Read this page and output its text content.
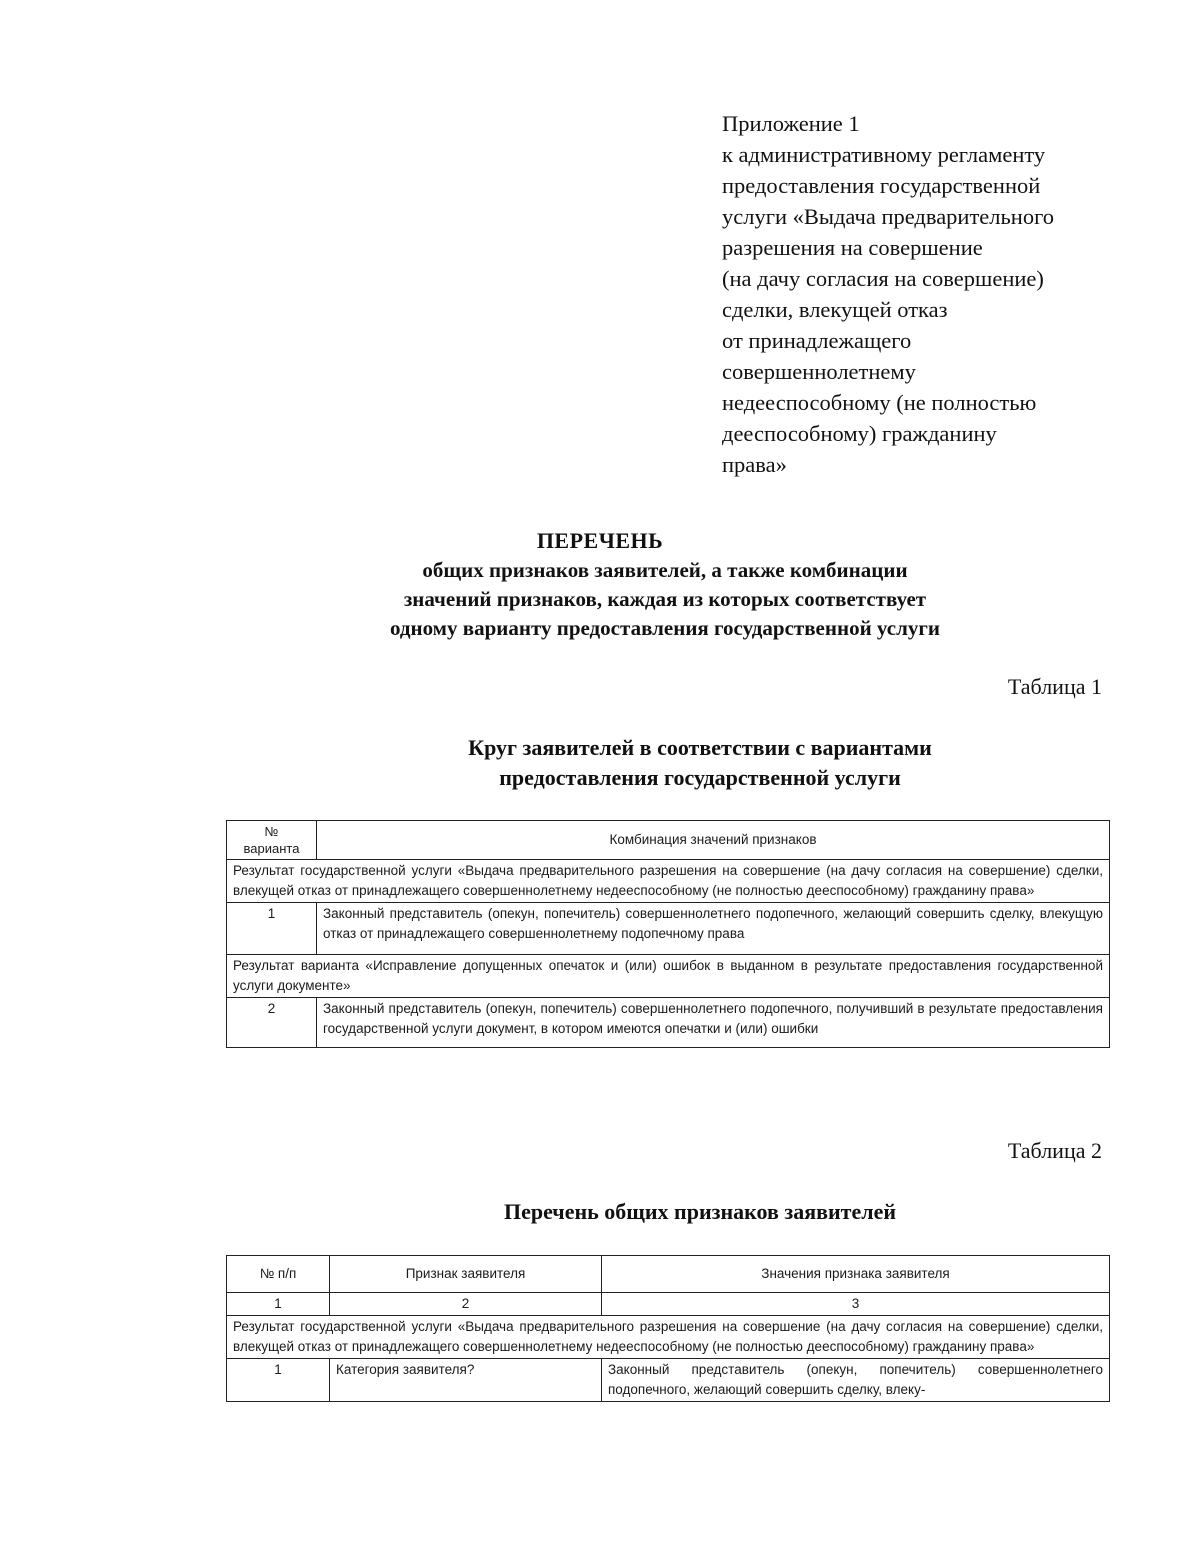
Приложение 1
к административному регламенту
предоставления государственной
услуги «Выдача предварительного
разрешения на совершение
(на дачу согласия на совершение)
сделки, влекущей отказ
от принадлежащего
совершеннолетнему
недееспособному (не полностью
дееспособному) гражданину
права»
ПЕРЕЧЕНЬ
общих признаков заявителей, а также комбинации
значений признаков, каждая из которых соответствует
одному варианту предоставления государственной услуги
Таблица 1
Круг заявителей в соответствии с вариантами
предоставления государственной услуги
№
варианта	Комбинация значений признаков
Результат государственной услуги «Выдача предварительного разрешения на совершение (на дачу согласия на совершение) сделки, влекущей отказ от принадлежащего совершеннолетнему недееспособному (не полностью дееспособному) гражданину права»	
1	Законный представитель (опекун, попечитель) совершеннолетнего подопечного, желающий совершить сделку, влекущую отказ от принадлежащего совершеннолетнему подопечному права
Результат варианта «Исправление допущенных опечаток и (или) ошибок в выданном в результате предоставления государственной услуги документе»	
2	Законный представитель (опекун, попечитель) совершеннолетнего подопечного, получивший в результате предоставления государственной услуги документ, в котором имеются опечатки и (или) ошибки
Таблица 2
Перечень общих признаков заявителей
№ п/п	Признак заявителя	Значения признака заявителя
1	2	3
Результат государственной услуги «Выдача предварительного разрешения на совершение (на дачу согласия на совершение) сделки, влекущей отказ от принадлежащего совершеннолетнему недееспособному (не полностью дееспособному) гражданину права»		
1	Категория заявителя?	Законный представитель (опекун, попечитель) совершеннолетнего подопечного, желающий совершить сделку, влеку-
